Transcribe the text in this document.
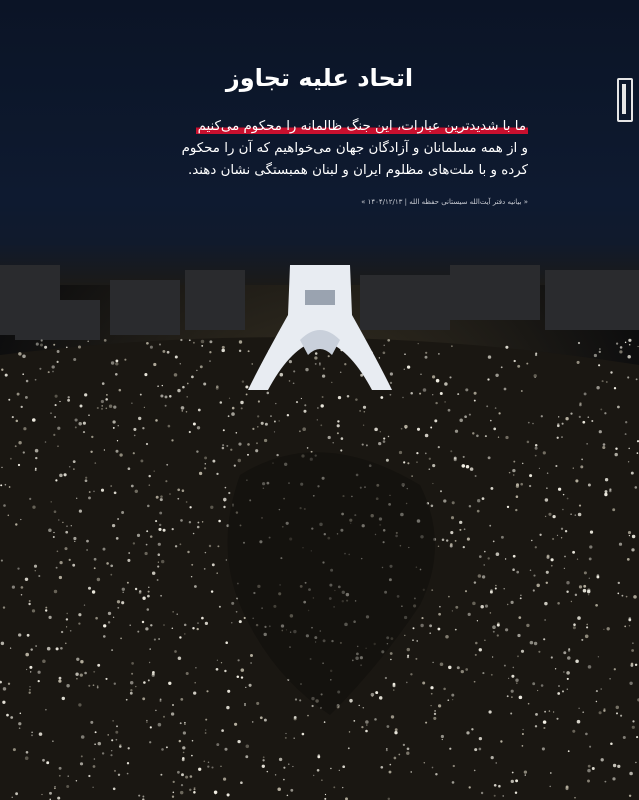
اتحاد علیه تجاوز
ما با شدیدترین عبارات، این جنگ ظالمانه را محکوم می‌کنیم
و از همه مسلمانان و آزادگان جهان می‌خواهیم که آن را محکوم
کرده و با ملت‌های مظلوم ایران و لبنان همبستگی نشان دهند.
« بیانیه دفتر آیت‌الله سیستانی حفظه الله | ۱۴۰۴/۱۲/۱۳ »
